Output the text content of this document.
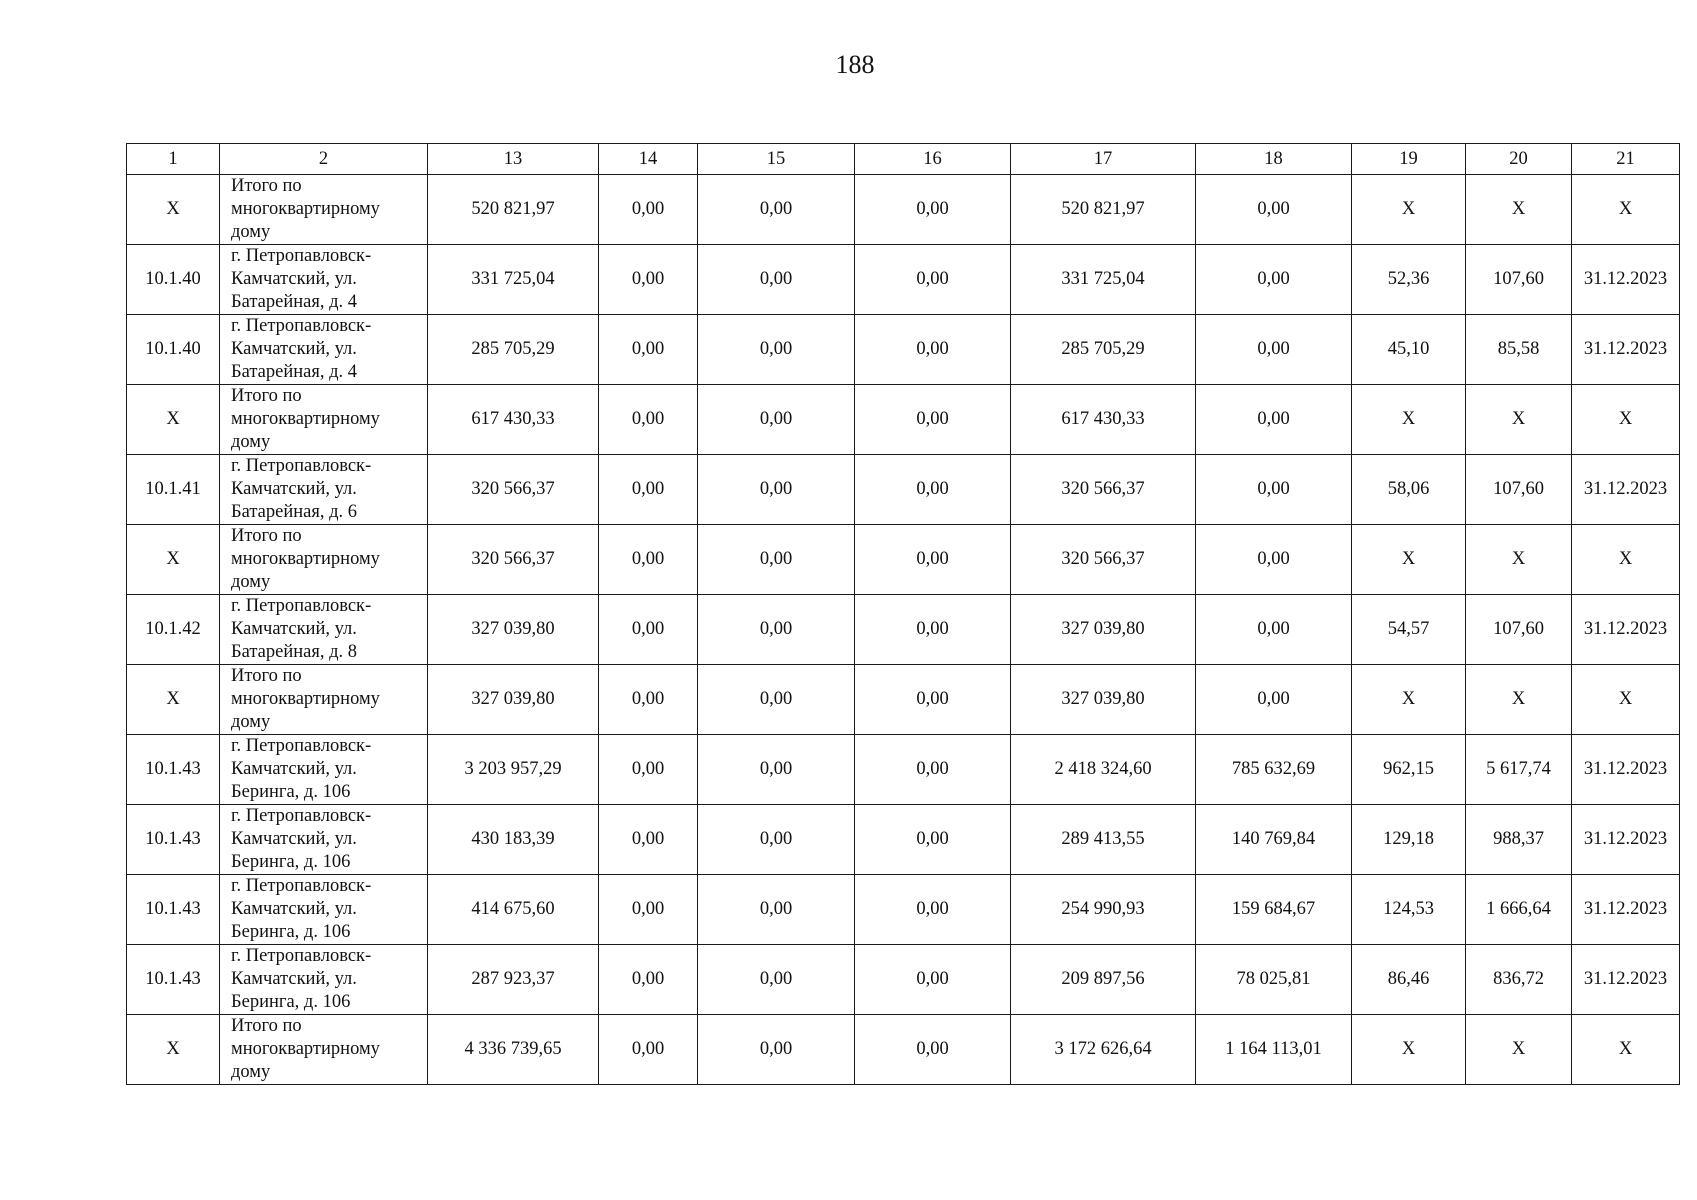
188
1	2	13	14	15	16	17	18	19	20	21
X	Итого по
многоквартирному
дому	520 821,97	0,00	0,00	0,00	520 821,97	0,00	X	X	X
10.1.40	г. Петропавловск-
Камчатский, ул.
Батарейная, д. 4	331 725,04	0,00	0,00	0,00	331 725,04	0,00	52,36	107,60	31.12.2023
10.1.40	г. Петропавловск-
Камчатский, ул.
Батарейная, д. 4	285 705,29	0,00	0,00	0,00	285 705,29	0,00	45,10	85,58	31.12.2023
X	Итого по
многоквартирному
дому	617 430,33	0,00	0,00	0,00	617 430,33	0,00	X	X	X
10.1.41	г. Петропавловск-
Камчатский, ул.
Батарейная, д. 6	320 566,37	0,00	0,00	0,00	320 566,37	0,00	58,06	107,60	31.12.2023
X	Итого по
многоквартирному
дому	320 566,37	0,00	0,00	0,00	320 566,37	0,00	X	X	X
10.1.42	г. Петропавловск-
Камчатский, ул.
Батарейная, д. 8	327 039,80	0,00	0,00	0,00	327 039,80	0,00	54,57	107,60	31.12.2023
X	Итого по
многоквартирному
дому	327 039,80	0,00	0,00	0,00	327 039,80	0,00	X	X	X
10.1.43	г. Петропавловск-
Камчатский, ул.
Беринга, д. 106	3 203 957,29	0,00	0,00	0,00	2 418 324,60	785 632,69	962,15	5 617,74	31.12.2023
10.1.43	г. Петропавловск-
Камчатский, ул.
Беринга, д. 106	430 183,39	0,00	0,00	0,00	289 413,55	140 769,84	129,18	988,37	31.12.2023
10.1.43	г. Петропавловск-
Камчатский, ул.
Беринга, д. 106	414 675,60	0,00	0,00	0,00	254 990,93	159 684,67	124,53	1 666,64	31.12.2023
10.1.43	г. Петропавловск-
Камчатский, ул.
Беринга, д. 106	287 923,37	0,00	0,00	0,00	209 897,56	78 025,81	86,46	836,72	31.12.2023
X	Итого по
многоквартирному
дому	4 336 739,65	0,00	0,00	0,00	3 172 626,64	1 164 113,01	X	X	X
